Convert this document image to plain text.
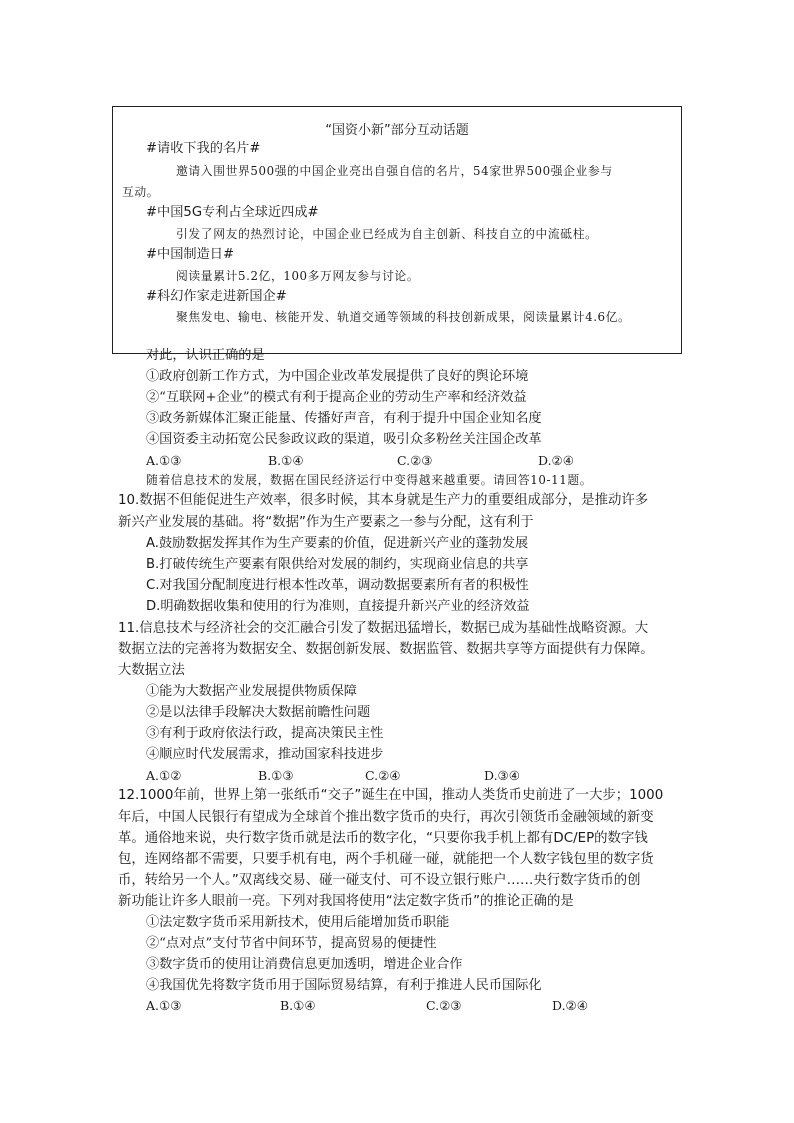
“国资小新”部分互动话题
#请收下我的名片#
邀请入围世界500强的中国企业亮出自强自信的名片，54家世界500强企业参与
互动。
#中国5G专利占全球近四成#
引发了网友的热烈讨论，中国企业已经成为自主创新、科技自立的中流砥柱。
#中国制造日#
阅读量累计5.2亿，100多万网友参与讨论。
#科幻作家走进新国企#
聚焦发电、输电、核能开发、轨道交通等领域的科技创新成果，阅读量累计4.6亿。
对此，认识正确的是
①政府创新工作方式，为中国企业改革发展提供了良好的舆论环境
②“互联网+企业”的模式有利于提高企业的劳动生产率和经济效益
③政务新媒体汇聚正能量、传播好声音，有利于提升中国企业知名度
④国资委主动拓宽公民参政议政的渠道，吸引众多粉丝关注国企改革
A.①③	B.①④	C.②③	D.②④
随着信息技术的发展，数据在国民经济运行中变得越来越重要。请回答10-11题。
10.数据不但能促进生产效率，很多时候，其本身就是生产力的重要组成部分，是推动许多
新兴产业发展的基础。将“数据”作为生产要素之一参与分配，这有利于
A.鼓励数据发挥其作为生产要素的价值，促进新兴产业的蓬勃发展
B.打破传统生产要素有限供给对发展的制约，实现商业信息的共享
C.对我国分配制度进行根本性改革，调动数据要素所有者的积极性
D.明确数据收集和使用的行为准则，直接提升新兴产业的经济效益
11.信息技术与经济社会的交汇融合引发了数据迅猛增长，数据已成为基础性战略资源。大
数据立法的完善将为数据安全、数据创新发展、数据监管、数据共享等方面提供有力保障。
大数据立法
①能为大数据产业发展提供物质保障
②是以法律手段解决大数据前瞻性问题
③有利于政府依法行政，提高决策民主性
④顺应时代发展需求，推动国家科技进步
A.①②	B.①③	C.②④	D.③④
12.1000年前，世界上第一张纸币“交子”诞生在中国，推动人类货币史前进了一大步；1000
年后，中国人民银行有望成为全球首个推出数字货币的央行，再次引领货币金融领域的新变
革。通俗地来说，央行数字货币就是法币的数字化，“只要你我手机上都有DC/EP的数字钱
包，连网络都不需要，只要手机有电，两个手机碰一碰，就能把一个人数字钱包里的数字货
币，转给另一个人。”双离线交易、碰一碰支付、可不设立银行账户……央行数字货币的创
新功能让许多人眼前一亮。下列对我国将使用“法定数字货币”的推论正确的是
①法定数字货币采用新技术，使用后能增加货币职能
②“点对点”支付节省中间环节，提高贸易的便捷性
③数字货币的使用让消费信息更加透明，增进企业合作
④我国优先将数字货币用于国际贸易结算，有利于推进人民币国际化
A.①③	B.①④	C.②③	D.②④
